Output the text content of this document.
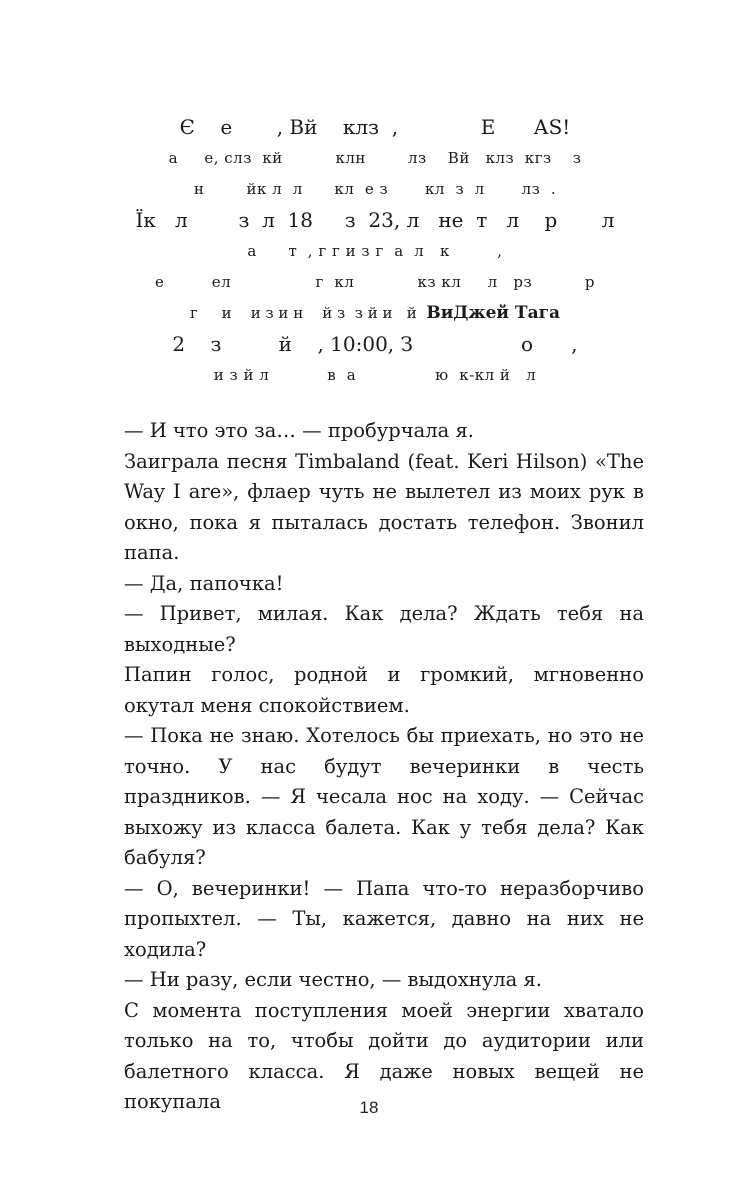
Є    е       , Вй    клз  ,             Е      АS!
а     е, слз  кй          клн        лз    Вй   клз  кгз    з
н        йк л  л      кл  е з       кл  з  л       лз  .
Їк   л        з  л  18     з  23, л   не  т   л    р       л
а      т  , г г и з г  а  л   к         ,
е         ел                г  кл            кз кл     л   рз          р
г     и    и з и н    й з  з й и   й ВиДжей Тага
2    з         й    , 10:00, З                 о      ,
и з й л           в  а               ю  к-кл й   л

— И что это за… — пробурчала я.

Заиграла песня Timbaland (feat. Keri Hilson) «The Way I are», флаер чуть не вылетел из моих рук в окно, пока я пыталась достать телефон. Звонил папа.

— Да, папочка!

— Привет, милая. Как дела? Ждать тебя на выходные?

Папин голос, родной и громкий, мгновенно окутал меня спокойствием.

— Пока не знаю. Хотелось бы приехать, но это не точно. У нас будут вечеринки в честь праздников. — Я чесала нос на ходу. — Сейчас выхожу из класса балета. Как у тебя дела? Как бабуля?

— О, вечеринки! — Папа что-то неразборчиво пропыхтел. — Ты, кажется, давно на них не ходила?

— Ни разу, если честно, — выдохнула я.

С момента поступления моей энергии хватало только на то, чтобы дойти до аудитории или балетного класса. Я даже новых вещей не покупала	18
